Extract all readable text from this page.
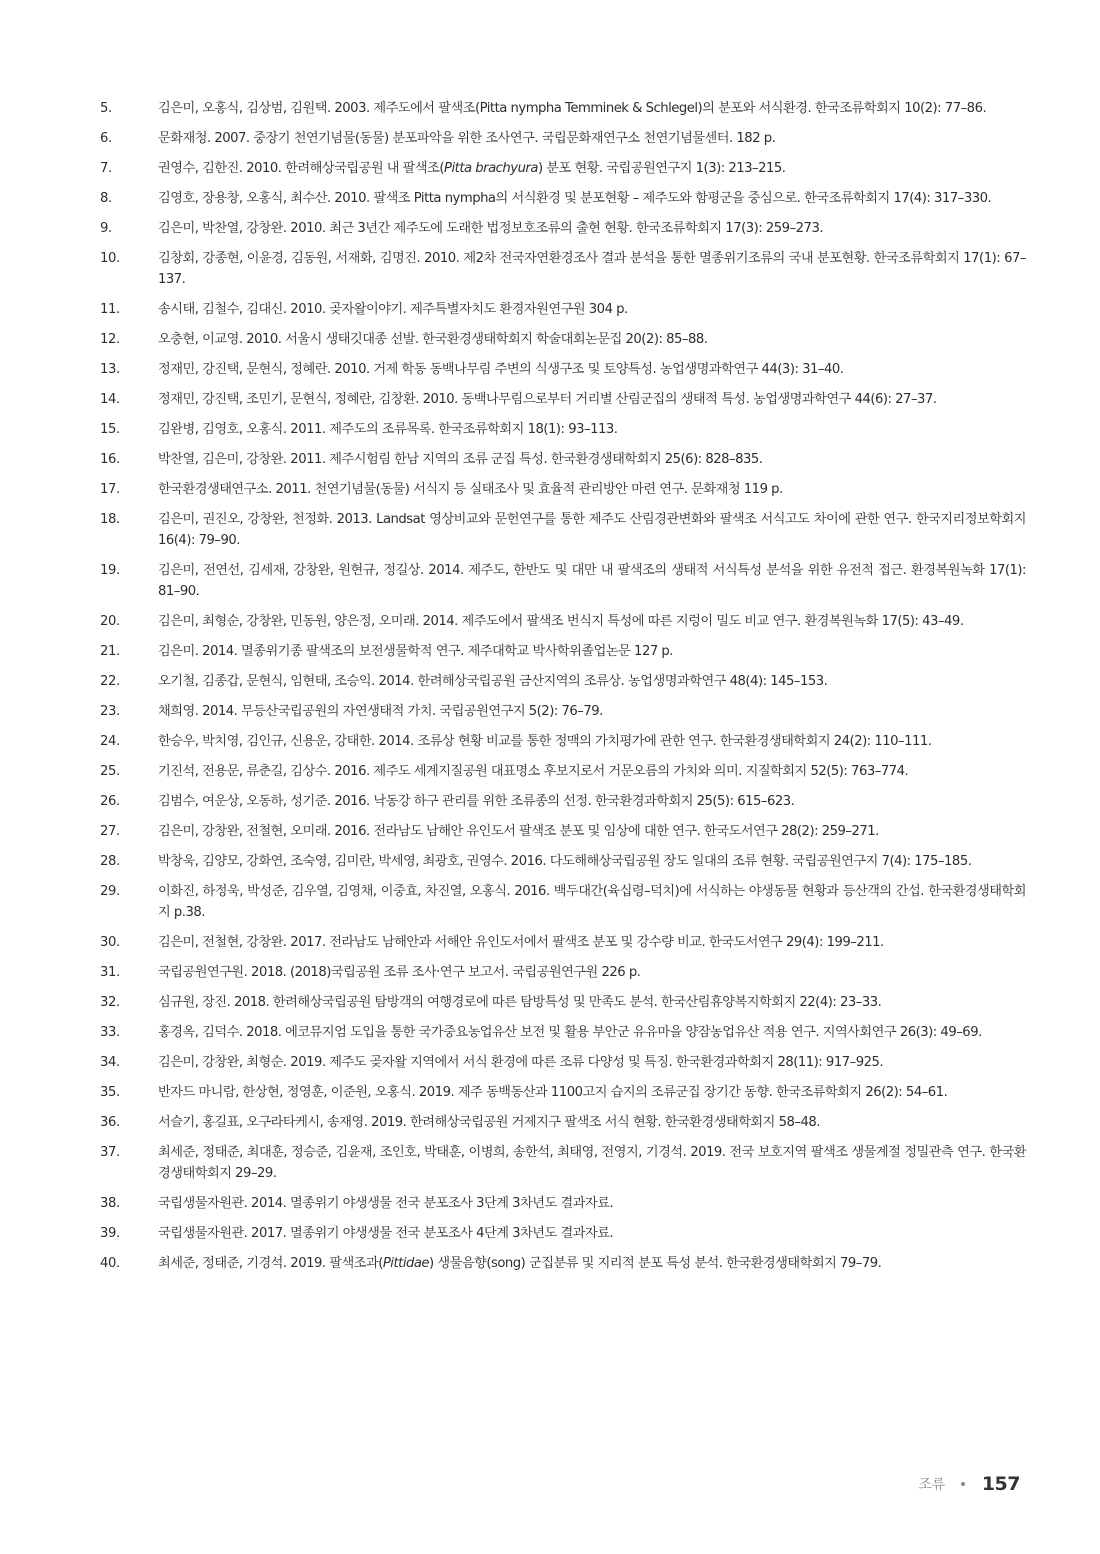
5.	김은미, 오홍식, 김상범, 김원택. 2003. 제주도에서 팔색조(Pitta nympha Temminek & Schlegel)의 분포와 서식환경. 한국조류학회지 10(2): 77–86.
6.	문화재청. 2007. 중장기 천연기념물(동물) 분포파악을 위한 조사연구. 국립문화재연구소 천연기념물센터. 182 p.
7.	권영수, 김한진. 2010. 한려해상국립공원 내 팔색조(Pitta brachyura) 분포 현황. 국립공원연구지 1(3): 213–215.
8.	김영호, 장용창, 오홍식, 최수산. 2010. 팔색조 Pitta nympha의 서식환경 및 분포현황 – 제주도와 함평군을 중심으로. 한국조류학회지 17(4): 317–330.
9.	김은미, 박찬열, 강창완. 2010. 최근 3년간 제주도에 도래한 법정보호조류의 출현 현황. 한국조류학회지 17(3): 259–273.
10.	김창회, 강종현, 이윤경, 김동원, 서재화, 김명진. 2010. 제2차 전국자연환경조사 결과 분석을 통한 멸종위기조류의 국내 분포현황. 한국조류학회지 17(1): 67–137.
11.	송시태, 김철수, 김대신. 2010. 곶자왈이야기. 제주특별자치도 환경자원연구원 304 p.
12.	오충현, 이교영. 2010. 서울시 생태깃대종 선발. 한국환경생태학회지 학술대회논문집 20(2): 85–88.
13.	정재민, 강진택, 문현식, 정혜란. 2010. 거제 학동 동백나무림 주변의 식생구조 및 토양특성. 농업생명과학연구 44(3): 31–40.
14.	정재민, 강진택, 조민기, 문현식, 정혜란, 김창환. 2010. 동백나무림으로부터 거리별 산림군집의 생태적 특성. 농업생명과학연구 44(6): 27–37.
15.	김완병, 김영호, 오홍식. 2011. 제주도의 조류목록. 한국조류학회지 18(1): 93–113.
16.	박찬열, 김은미, 강창완. 2011. 제주시험림 한남 지역의 조류 군집 특성. 한국환경생태학회지 25(6): 828–835.
17.	한국환경생태연구소. 2011. 천연기념물(동물) 서식지 등 실태조사 및 효율적 관리방안 마련 연구. 문화재청 119 p.
18.	김은미, 권진오, 강창완, 천정화. 2013. Landsat 영상비교와 문헌연구를 통한 제주도 산림경관변화와 팔색조 서식고도 차이에 관한 연구. 한국지리정보학회지 16(4): 79–90.
19.	김은미, 전연선, 김세재, 강창완, 원현규, 정길상. 2014. 제주도, 한반도 및 대만 내 팔색조의 생태적 서식특성 분석을 위한 유전적 접근. 환경복원녹화 17(1): 81–90.
20.	김은미, 최형순, 강창완, 민동원, 양은정, 오미래. 2014. 제주도에서 팔색조 번식지 특성에 따른 지렁이 밀도 비교 연구. 환경복원녹화 17(5): 43–49.
21.	김은미. 2014. 멸종위기종 팔색조의 보전생물학적 연구. 제주대학교 박사학위졸업논문 127 p.
22.	오기철, 김종갑, 문현식, 임현태, 조승익. 2014. 한려해상국립공원 금산지역의 조류상. 농업생명과학연구 48(4): 145–153.
23.	채희영. 2014. 무등산국립공원의 자연생태적 가치. 국립공원연구지 5(2): 76–79.
24.	한승우, 박치영, 김인규, 신용운, 강태한. 2014. 조류상 현황 비교를 통한 정맥의 가치평가에 관한 연구. 한국환경생태학회지 24(2): 110–111.
25.	기진석, 전용문, 류춘길, 김상수. 2016. 제주도 세계지질공원 대표명소 후보지로서 거문오름의 가치와 의미. 지질학회지 52(5): 763–774.
26.	김범수, 여운상, 오동하, 성기준. 2016. 낙동강 하구 관리를 위한 조류종의 선정. 한국환경과학회지 25(5): 615–623.
27.	김은미, 강창완, 전철현, 오미래. 2016. 전라남도 남해안 유인도서 팔색조 분포 및 임상에 대한 연구. 한국도서연구 28(2): 259–271.
28.	박창욱, 김양모, 강화연, 조숙영, 김미란, 박세영, 최광호, 권영수. 2016. 다도해해상국립공원 장도 일대의 조류 현황. 국립공원연구지 7(4): 175–185.
29.	이화진, 하정욱, 박성준, 김우열, 김영채, 이중효, 차진열, 오홍식. 2016. 백두대간(육십령–덕치)에 서식하는 야생동물 현황과 등산객의 간섭. 한국환경생태학회지 p.38.
30.	김은미, 전철현, 강창완. 2017. 전라남도 남해안과 서해안 유인도서에서 팔색조 분포 및 강수량 비교. 한국도서연구 29(4): 199–211.
31.	국립공원연구원. 2018. (2018)국립공원 조류 조사·연구 보고서. 국립공원연구원 226 p.
32.	심규원, 장진. 2018. 한려해상국립공원 탐방객의 여행경로에 따른 탐방특성 및 만족도 분석. 한국산림휴양복지학회지 22(4): 23–33.
33.	홍경옥, 김덕수. 2018. 에코뮤지엄 도입을 통한 국가중요농업유산 보전 및 활용 부안군 유유마을 양잠농업유산 적용 연구. 지역사회연구 26(3): 49–69.
34.	김은미, 강창완, 최형순. 2019. 제주도 곶자왈 지역에서 서식 환경에 따른 조류 다양성 및 특징. 한국환경과학회지 28(11): 917–925.
35.	반자드 마니람, 한상현, 정영훈, 이준원, 오홍식. 2019. 제주 동백동산과 1100고지 습지의 조류군집 장기간 동향. 한국조류학회지 26(2): 54–61.
36.	서슬기, 홍길표, 오구라타케시, 송재영. 2019. 한려해상국립공원 거제지구 팔색조 서식 현황. 한국환경생태학회지 58–48.
37.	최세준, 정태준, 최대훈, 정승준, 김윤재, 조인호, 박태훈, 이병희, 송한석, 최태영, 전영지, 기경석. 2019. 전국 보호지역 팔색조 생물계절 정밀관측 연구. 한국환경생태학회지 29–29.
38.	국립생물자원관. 2014. 멸종위기 야생생물 전국 분포조사 3단계 3차년도 결과자료.
39.	국립생물자원관. 2017. 멸종위기 야생생물 전국 분포조사 4단계 3차년도 결과자료.
40.	최세준, 정태준, 기경석. 2019. 팔색조과(Pittidae) 생물음향(song) 군집분류 및 지리적 분포 특성 분석. 한국환경생태학회지 79–79.
조류 157
